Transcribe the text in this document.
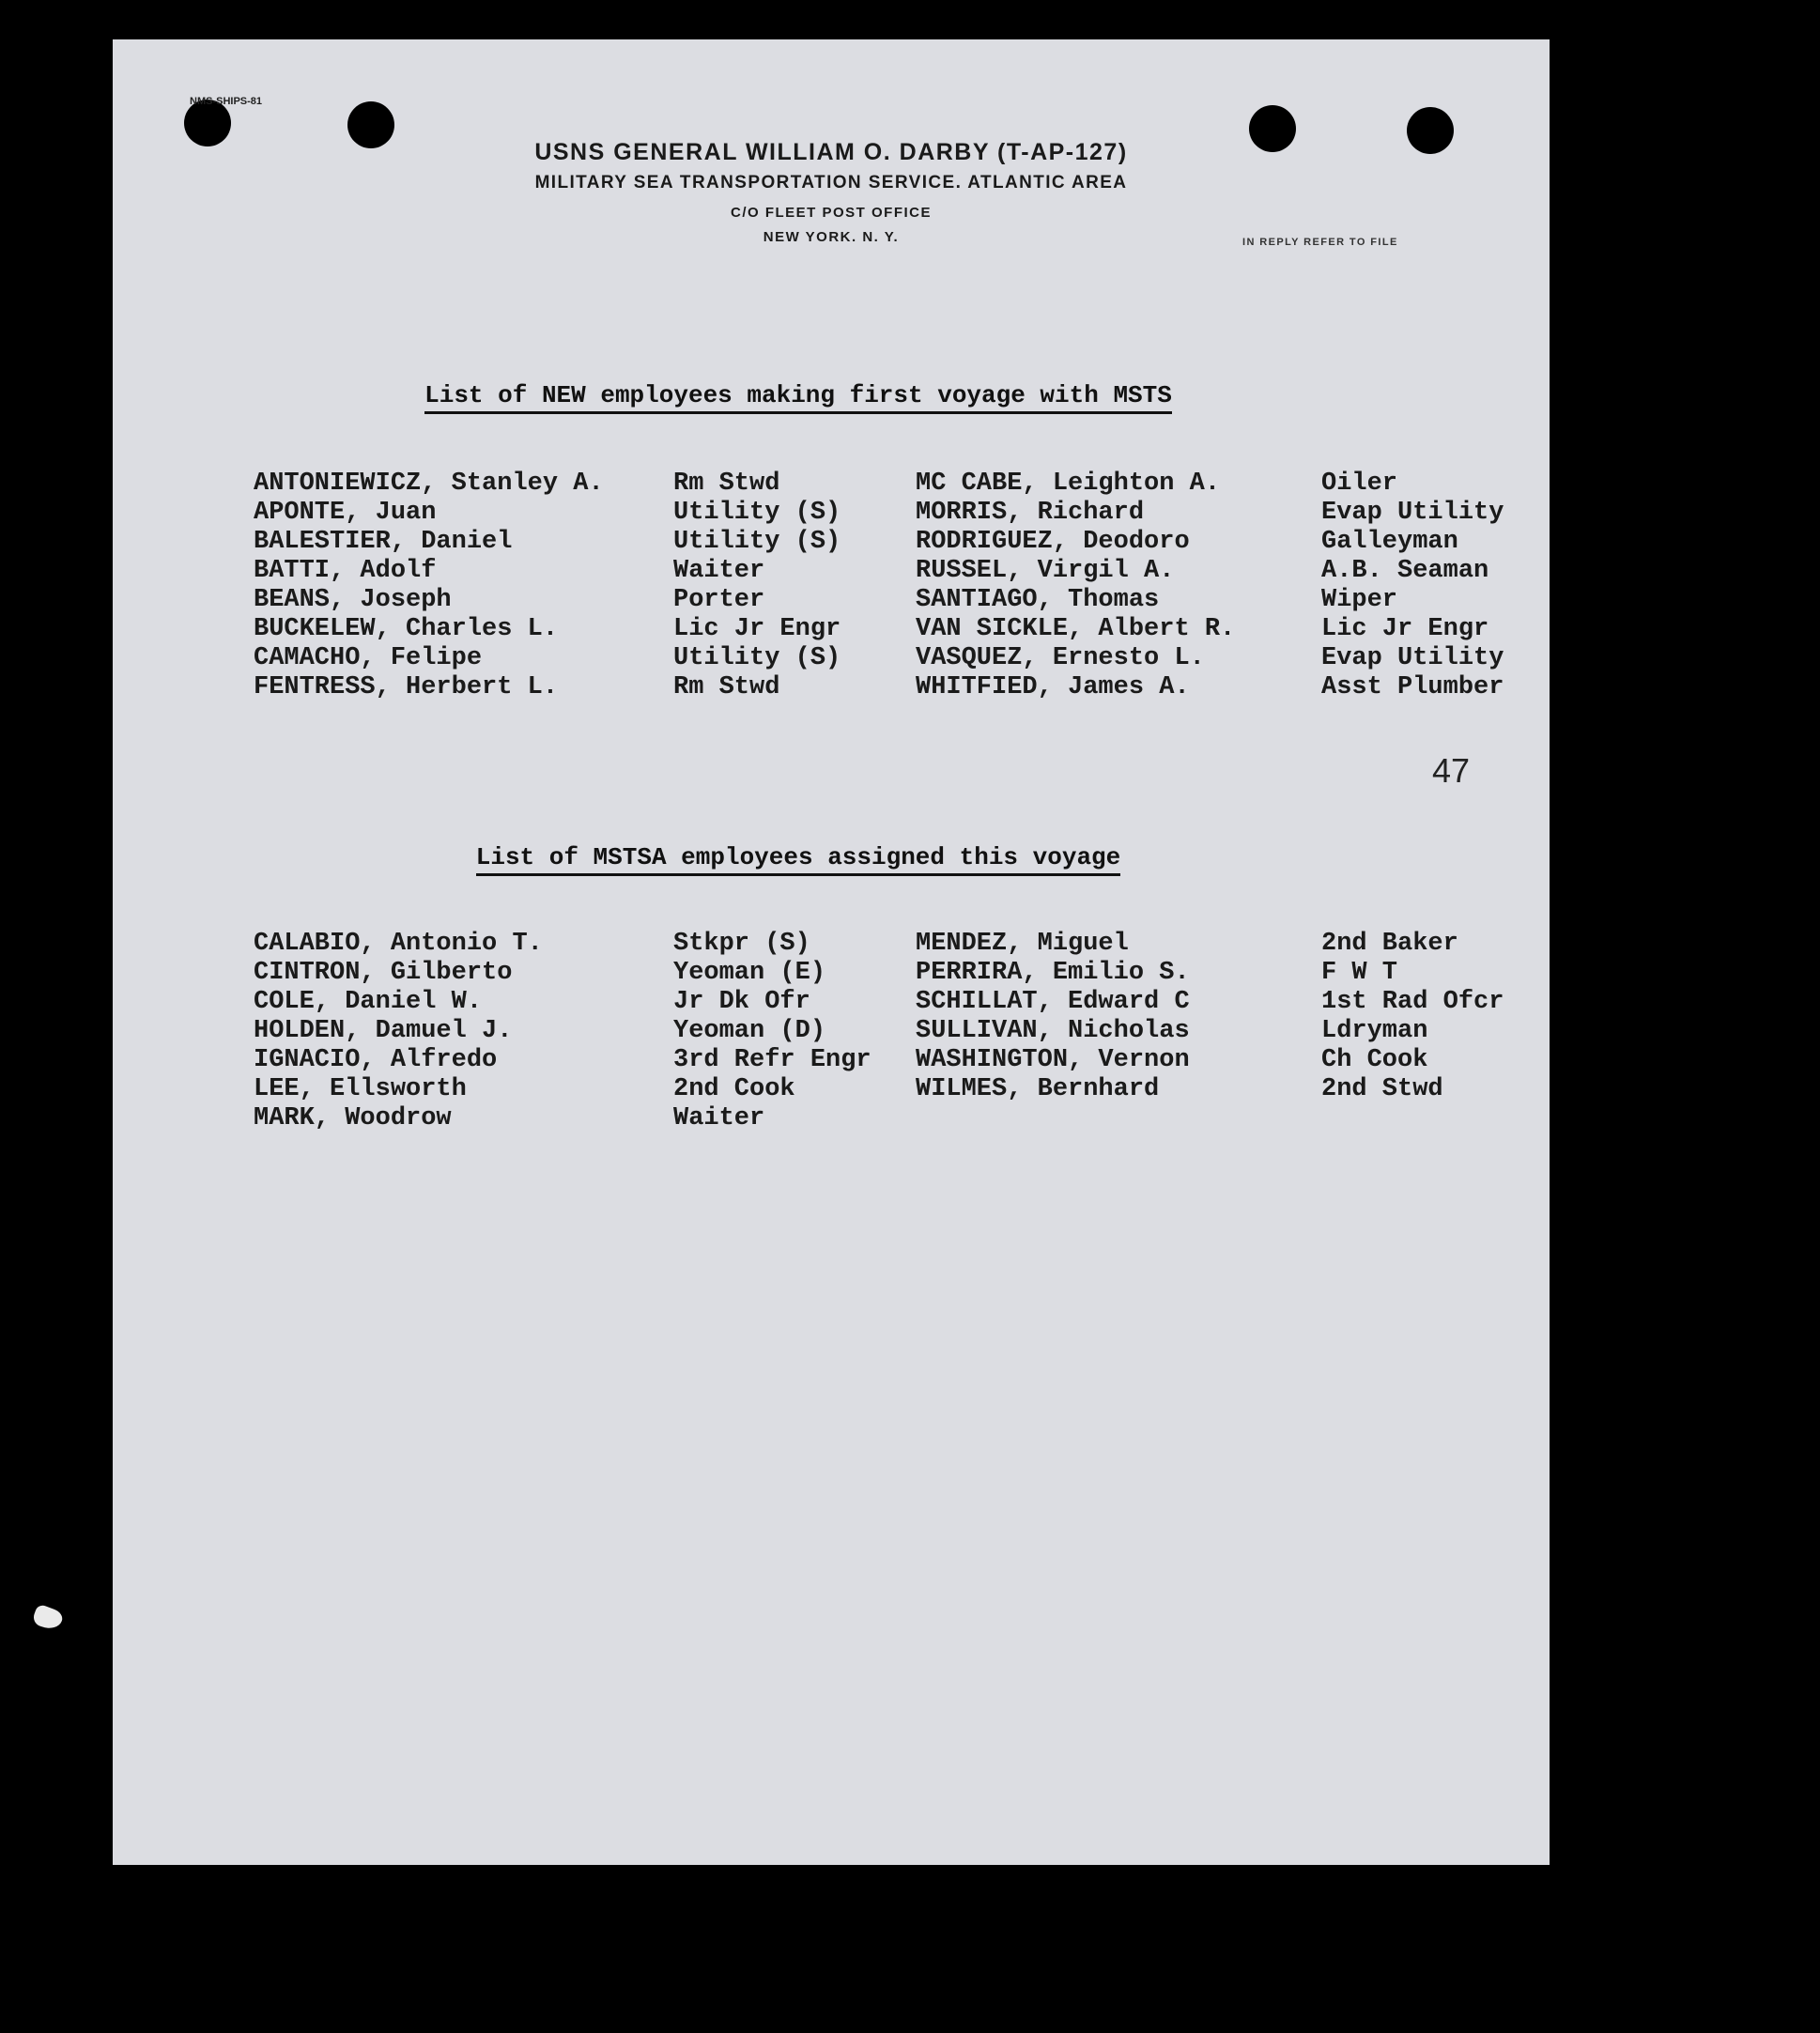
NMS-SHIPS-81
USNS GENERAL WILLIAM O. DARBY (T-AP-127)
MILITARY SEA TRANSPORTATION SERVICE. ATLANTIC AREA
C/O FLEET POST OFFICE
NEW YORK. N. Y.	IN REPLY REFER TO FILE
List of NEW employees making first voyage with MSTS
ANTONIEWICZ, Stanley A.	Rm Stwd	MC CABE, Leighton A.	Oiler
APONTE, Juan	Utility (S)	MORRIS, Richard	Evap Utility
BALESTIER, Daniel	Utility (S)	RODRIGUEZ, Deodoro	Galleyman
BATTI, Adolf	Waiter	RUSSEL, Virgil A.	A.B. Seaman
BEANS, Joseph	Porter	SANTIAGO, Thomas	Wiper
BUCKELEW, Charles L.	Lic Jr Engr	VAN SICKLE, Albert R.	Lic Jr Engr
CAMACHO, Felipe	Utility (S)	VASQUEZ, Ernesto L.	Evap Utility
FENTRESS, Herbert L.	Rm Stwd	WHITFIED, James A.	Asst Plumber
47
List of MSTSA employees assigned this voyage
CALABIO, Antonio T.	Stkpr (S)	MENDEZ, Miguel	2nd Baker
CINTRON, Gilberto	Yeoman (E)	PERRIRA, Emilio S.	F W T
COLE, Daniel W.	Jr Dk Ofr	SCHILLAT, Edward C	1st Rad Ofcr
HOLDEN, Damuel J.	Yeoman (D)	SULLIVAN, Nicholas	Ldryman
IGNACIO, Alfredo	3rd Refr Engr	WASHINGTON, Vernon	Ch Cook
LEE, Ellsworth	2nd Cook	WILMES, Bernhard	2nd Stwd
MARK, Woodrow	Waiter
